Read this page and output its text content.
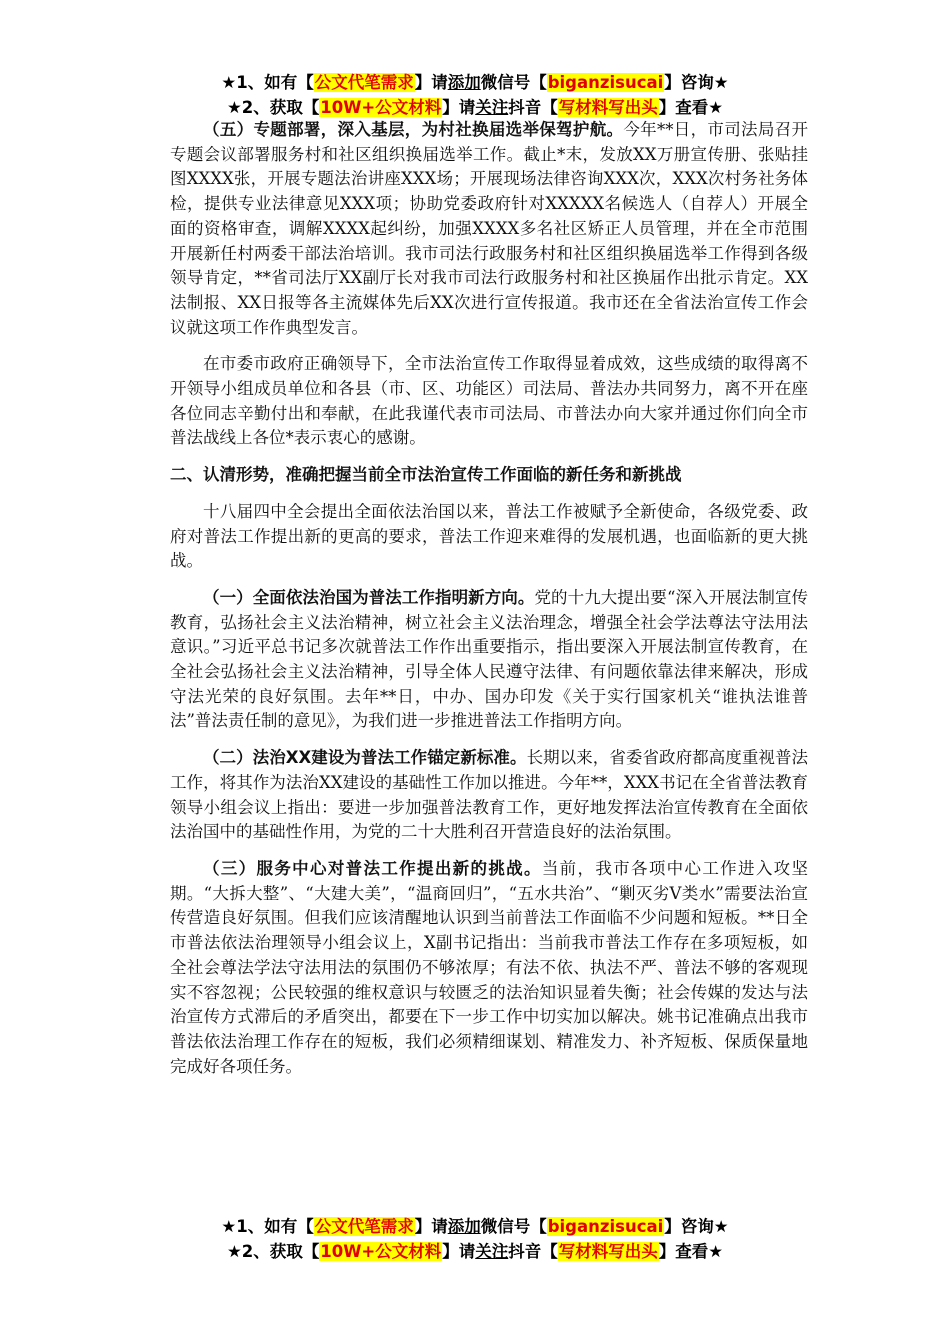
★1、如有【公文代笔需求】请添加微信号【biganzisucai】咨询★
★2、获取【10W+公文材料】请关注抖音【写材料写出头】查看★

（五）专题部署，深入基层，为村社换届选举保驾护航。今年**日，市司法局召开专题会议部署服务村和社区组织换届选举工作。截止*末，发放XX万册宣传册、张贴挂图XXXX张，开展专题法治讲座XXX场；开展现场法律咨询XXX次，XXX次村务社务体检，提供专业法律意见XXX项；协助党委政府针对XXXXX名候选人（自荐人）开展全面的资格审查，调解XXXX起纠纷，加强XXXX多名社区矫正人员管理，并在全市范围开展新任村两委干部法治培训。我市司法行政服务村和社区组织换届选举工作得到各级领导肯定，**省司法厅XX副厅长对我市司法行政服务村和社区换届作出批示肯定。XX法制报、XX日报等各主流媒体先后XX次进行宣传报道。我市还在全省法治宣传工作会议就这项工作作典型发言。

在市委市政府正确领导下，全市法治宣传工作取得显着成效，这些成绩的取得离不开领导小组成员单位和各县（市、区、功能区）司法局、普法办共同努力，离不开在座各位同志辛勤付出和奉献，在此我谨代表市司法局、市普法办向大家并通过你们向全市普法战线上各位*表示衷心的感谢。

二、认清形势，准确把握当前全市法治宣传工作面临的新任务和新挑战

十八届四中全会提出全面依法治国以来，普法工作被赋予全新使命，各级党委、政府对普法工作提出新的更高的要求，普法工作迎来难得的发展机遇，也面临新的更大挑战。

（一）全面依法治国为普法工作指明新方向。党的十九大提出要“深入开展法制宣传教育，弘扬社会主义法治精神，树立社会主义法治理念，增强全社会学法尊法守法用法意识。”习近平总书记多次就普法工作作出重要指示，指出要深入开展法制宣传教育，在全社会弘扬社会主义法治精神，引导全体人民遵守法律、有问题依靠法律来解决，形成守法光荣的良好氛围。去年**日，中办、国办印发《关于实行国家机关“谁执法谁普法”普法责任制的意见》，为我们进一步推进普法工作指明方向。

（二）法治XX建设为普法工作锚定新标准。长期以来，省委省政府都高度重视普法工作，将其作为法治XX建设的基础性工作加以推进。今年**，XXX书记在全省普法教育领导小组会议上指出：要进一步加强普法教育工作，更好地发挥法治宣传教育在全面依法治国中的基础性作用，为党的二十大胜利召开营造良好的法治氛围。

（三）服务中心对普法工作提出新的挑战。当前，我市各项中心工作进入攻坚期。“大拆大整”、“大建大美”，“温商回归”，“五水共治”、“剿灭劣Ⅴ类水”需要法治宣传营造良好氛围。但我们应该清醒地认识到当前普法工作面临不少问题和短板。**日全市普法依法治理领导小组会议上，X副书记指出：当前我市普法工作存在多项短板，如全社会尊法学法守法用法的氛围仍不够浓厚；有法不依、执法不严、普法不够的客观现实不容忽视；公民较强的维权意识与较匮乏的法治知识显着失衡；社会传媒的发达与法治宣传方式滞后的矛盾突出，都要在下一步工作中切实加以解决。姚书记准确点出我市普法依法治理工作存在的短板，我们必须精细谋划、精准发力、补齐短板、保质保量地完成好各项任务。

★1、如有【公文代笔需求】请添加微信号【biganzisucai】咨询★
★2、获取【10W+公文材料】请关注抖音【写材料写出头】查看★
